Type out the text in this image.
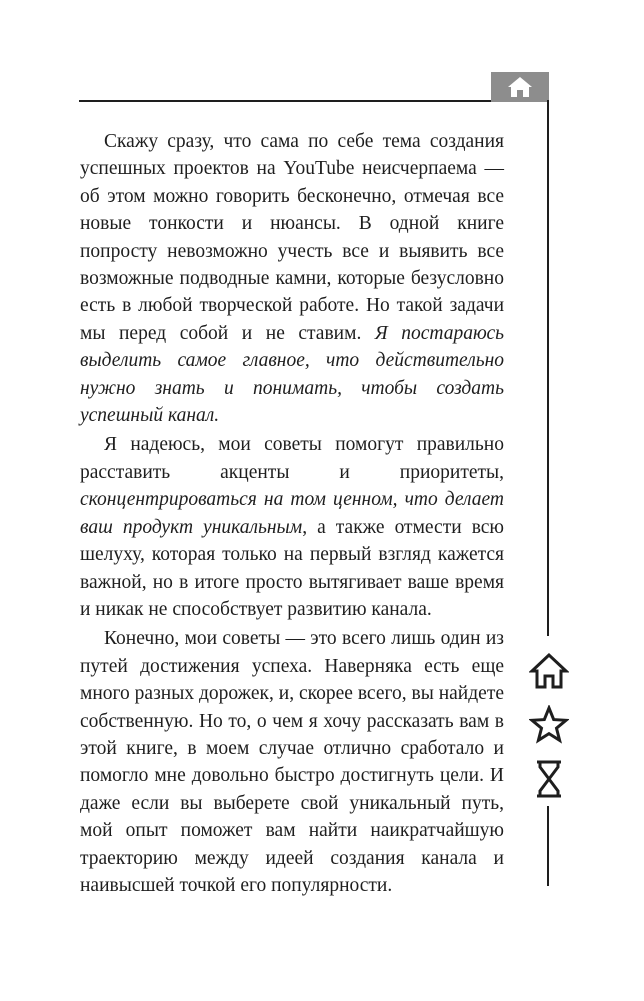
Скажу сразу, что сама по себе тема создания успешных проектов на YouTube неисчерпаема — об этом можно говорить бесконечно, отмечая все новые тонкости и нюансы. В одной книге попросту невозможно учесть все и выявить все возможные подводные камни, которые безусловно есть в любой творческой работе. Но такой задачи мы перед собой и не ставим. Я постараюсь выделить самое главное, что действительно нужно знать и понимать, чтобы создать успешный канал.

Я надеюсь, мои советы помогут правильно расставить акценты и приоритеты, сконцентрироваться на том ценном, что делает ваш продукт уникальным, а также отмести всю шелуху, которая только на первый взгляд кажется важной, но в итоге просто вытягивает ваше время и никак не способствует развитию канала.

Конечно, мои советы — это всего лишь один из путей достижения успеха. Наверняка есть еще много разных дорожек, и, скорее всего, вы найдете собственную. Но то, о чем я хочу рассказать вам в этой книге, в моем случае отлично сработало и помогло мне довольно быстро достигнуть цели. И даже если вы выберете свой уникальный путь, мой опыт поможет вам найти наикратчайшую траекторию между идеей создания канала и наивысшей точкой его популярности.
